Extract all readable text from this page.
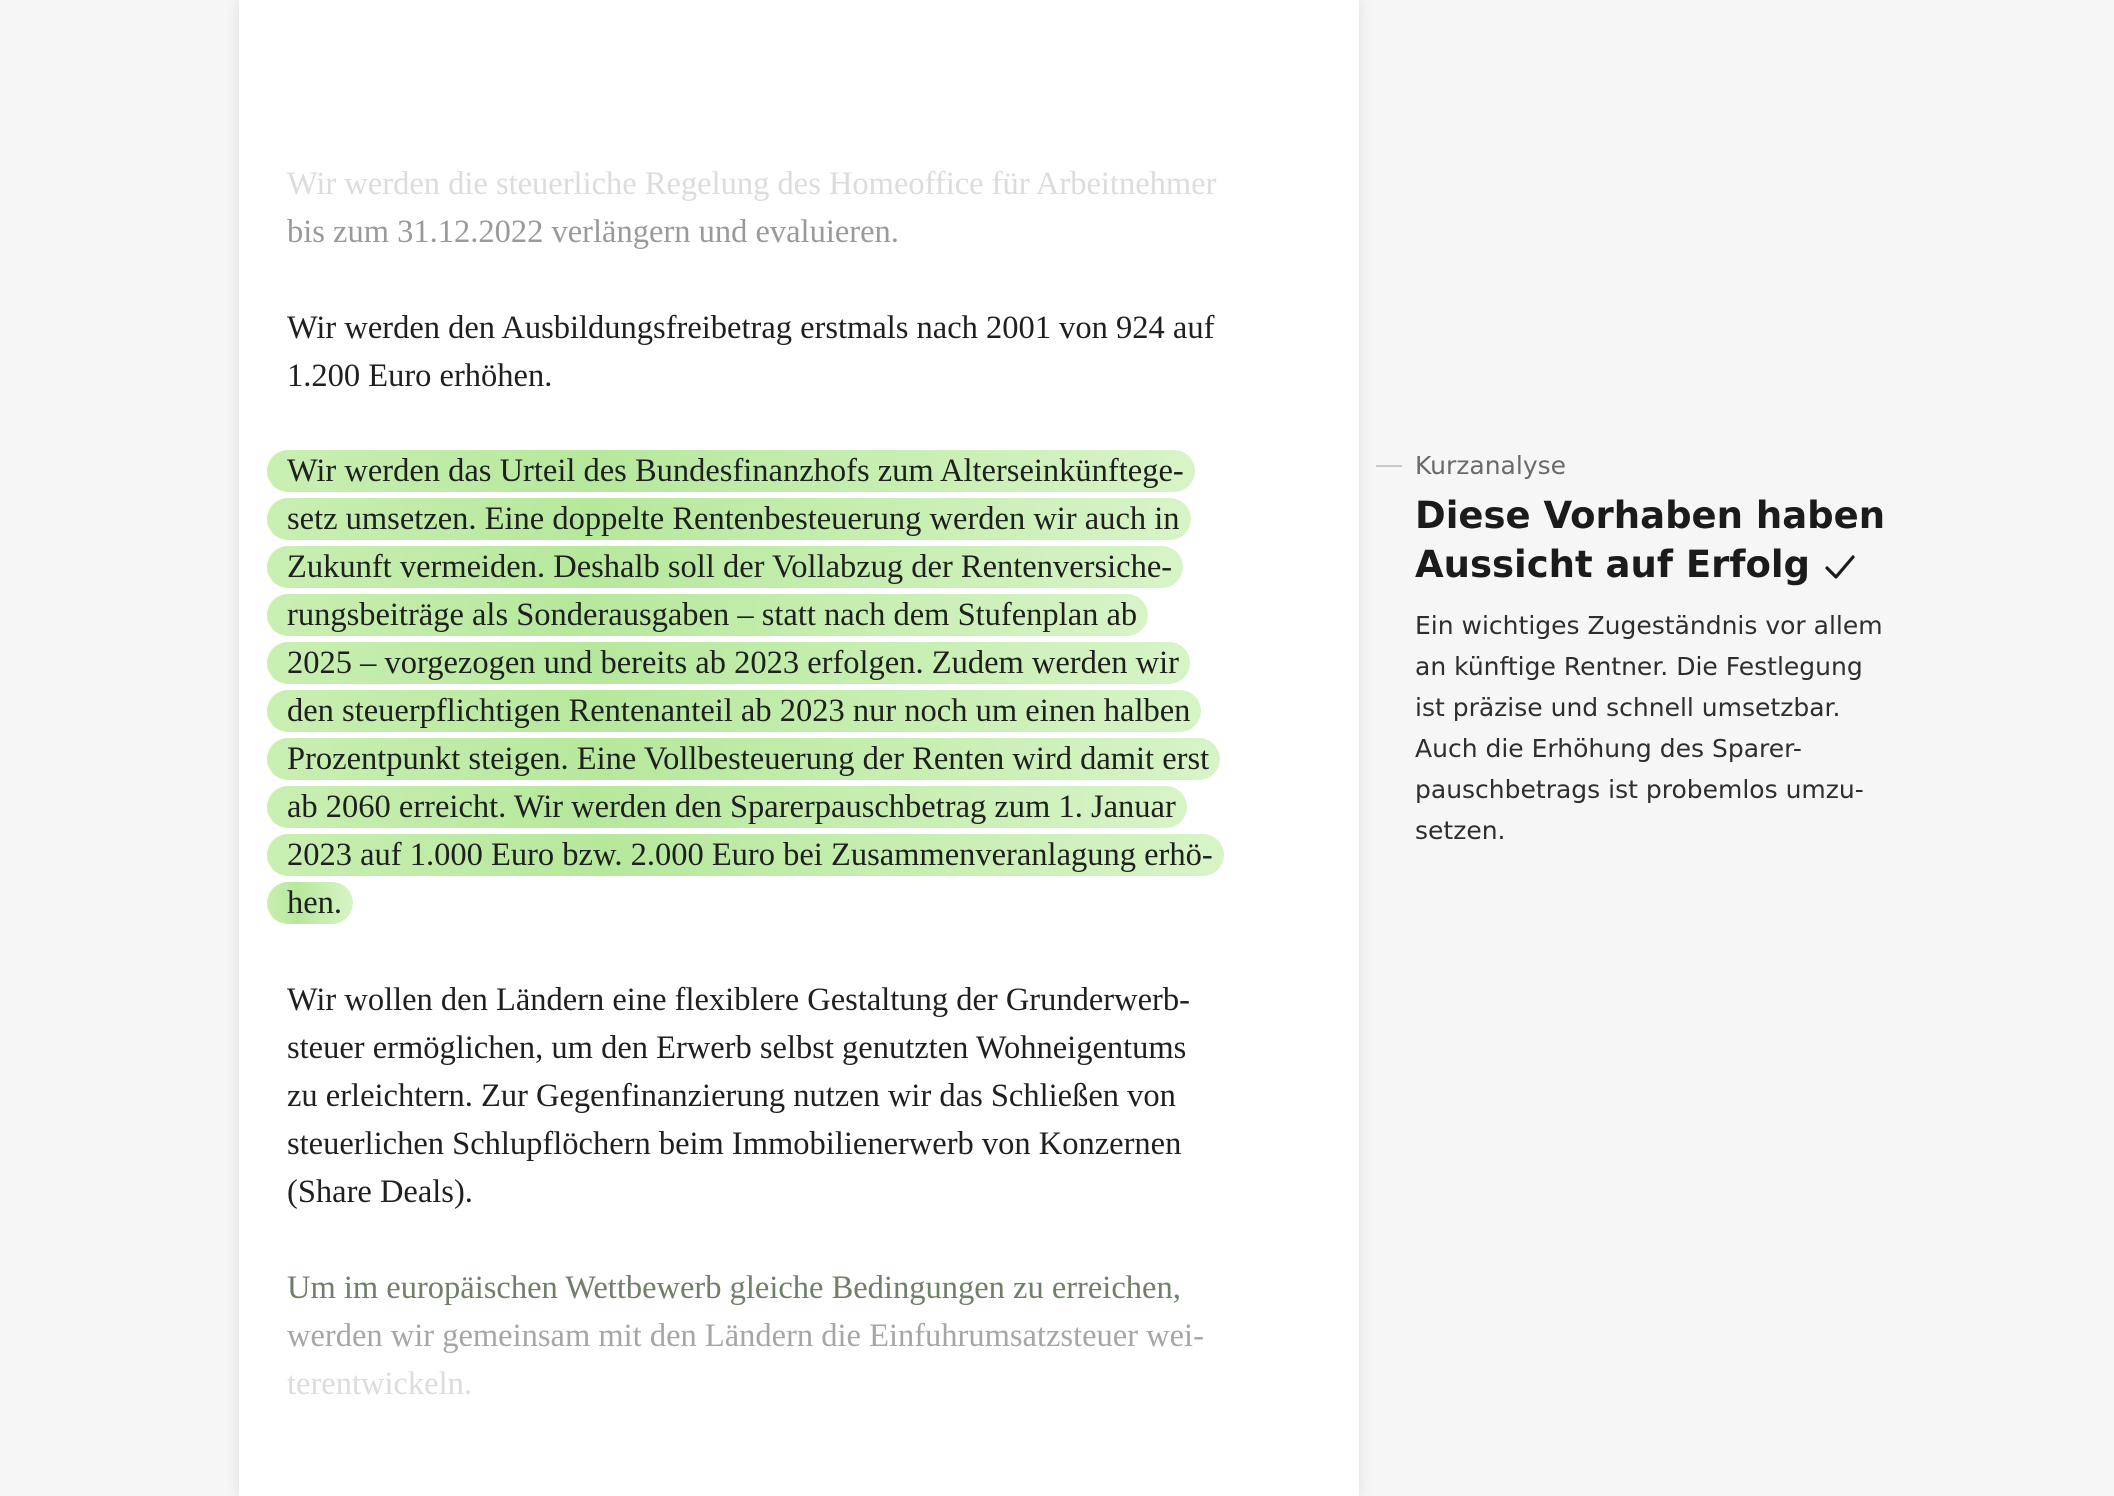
Wir werden die steuerliche Regelung des Homeoffice für Arbeitnehmer
bis zum 31.12.2022 verlängern und evaluieren.
Wir werden den Ausbildungsfreibetrag erstmals nach 2001 von 924 auf
1.200 Euro erhöhen.
Wir werden das Urteil des Bundesfinanzhofs zum Alterseinkünftege-
setz umsetzen. Eine doppelte Rentenbesteuerung werden wir auch in
Zukunft vermeiden. Deshalb soll der Vollabzug der Rentenversiche-
rungsbeiträge als Sonderausgaben – statt nach dem Stufenplan ab
2025 – vorgezogen und bereits ab 2023 erfolgen. Zudem werden wir
den steuerpflichtigen Rentenanteil ab 2023 nur noch um einen halben
Prozentpunkt steigen. Eine Vollbesteuerung der Renten wird damit erst
ab 2060 erreicht. Wir werden den Sparerpauschbetrag zum 1. Januar
2023 auf 1.000 Euro bzw. 2.000 Euro bei Zusammenveranlagung erhö-
hen.
Wir wollen den Ländern eine flexiblere Gestaltung der Grunderwerb-
steuer ermöglichen, um den Erwerb selbst genutzten Wohneigentums
zu erleichtern. Zur Gegenfinanzierung nutzen wir das Schließen von
steuerlichen Schlupflöchern beim Immobilienerwerb von Konzernen
(Share Deals).
Um im europäischen Wettbewerb gleiche Bedingungen zu erreichen,
werden wir gemeinsam mit den Ländern die Einfuhrumsatzsteuer wei-
terentwickeln.
Kurzanalyse
Diese Vorhaben haben
Aussicht auf Erfolg
Ein wichtiges Zugeständnis vor allem
an künftige Rentner. Die Festlegung
ist präzise und schnell umsetzbar.
Auch die Erhöhung des Sparer-
pauschbetrags ist probemlos umzu-
setzen.
